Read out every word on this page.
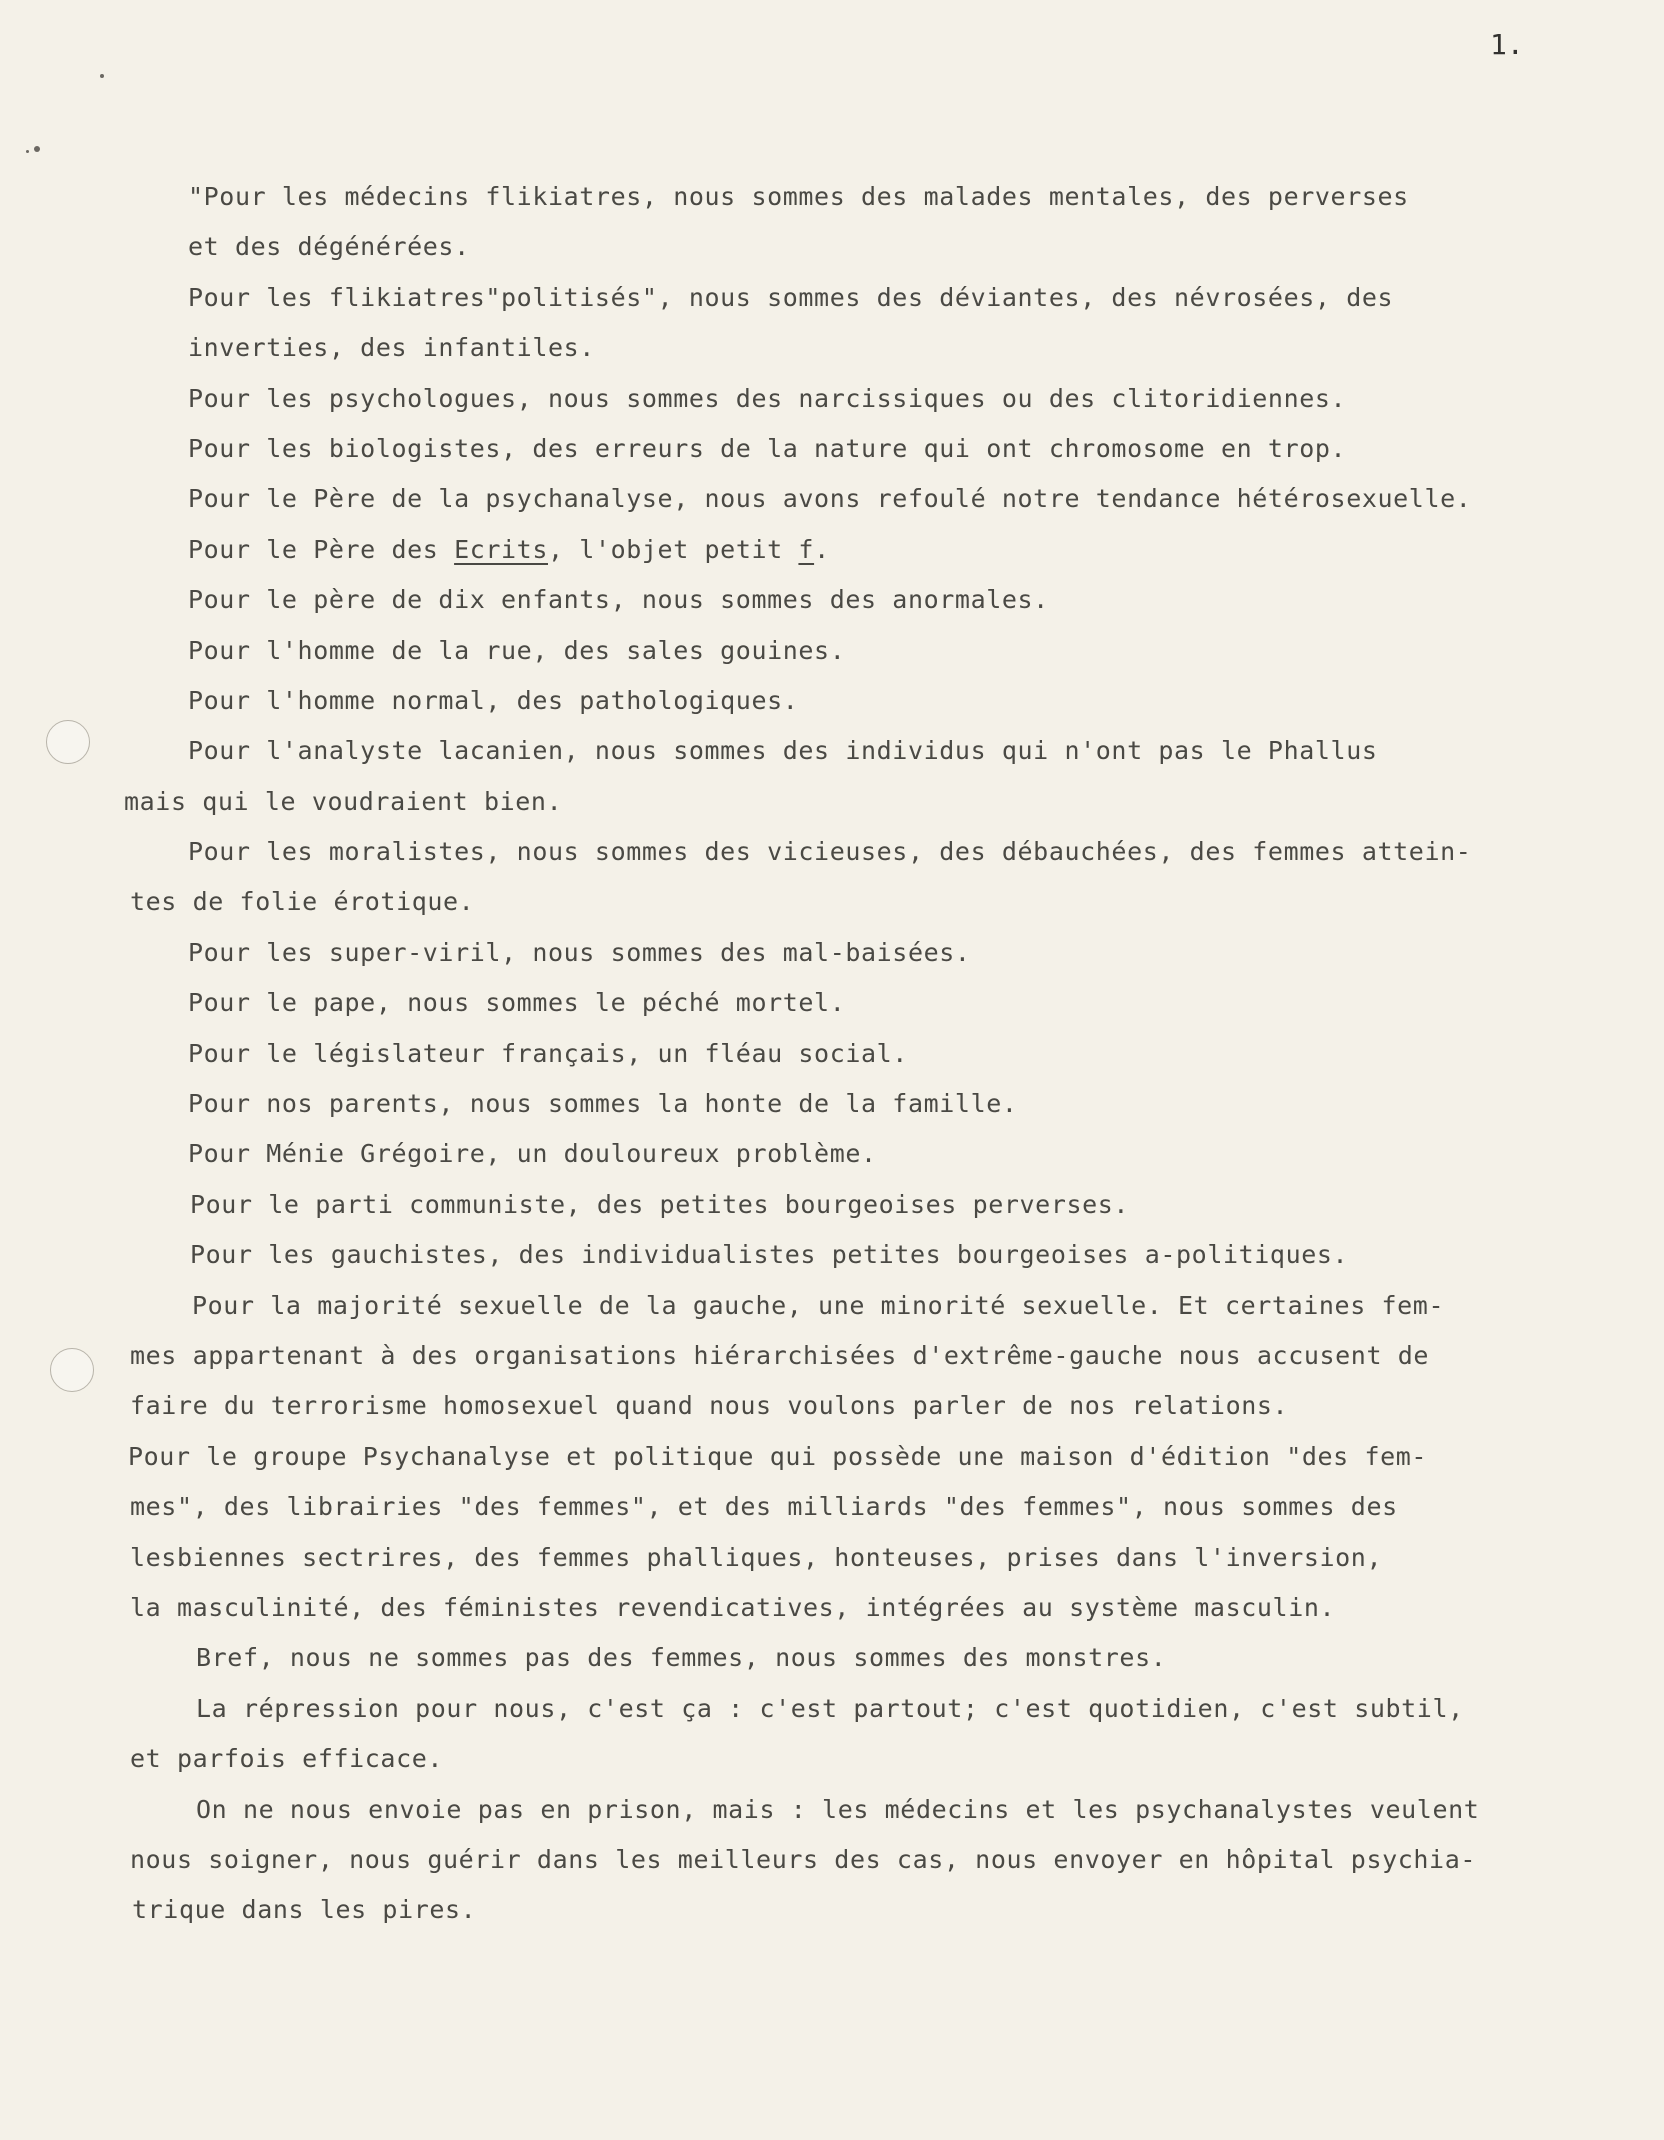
1.
"Pour les médecins flikiatres, nous sommes des malades mentales, des perverses
et des dégénérées.
Pour les flikiatres"politisés", nous sommes des déviantes, des névrosées, des
inverties, des infantiles.
Pour les psychologues, nous sommes des narcissiques ou des clitoridiennes.
Pour les biologistes, des erreurs de la nature qui ont chromosome en trop.
Pour le Père de la psychanalyse, nous avons refoulé notre tendance hétérosexuelle.
Pour le Père des Ecrits, l'objet petit f.
Pour le père de dix enfants, nous sommes des anormales.
Pour l'homme de la rue, des sales gouines.
Pour l'homme normal, des pathologiques.
Pour l'analyste lacanien, nous sommes des individus qui n'ont pas le Phallus
mais qui le voudraient bien.
Pour les moralistes, nous sommes des vicieuses, des débauchées, des femmes attein-
tes de folie érotique.
Pour les super-viril, nous sommes des mal-baisées.
Pour le pape, nous sommes le péché mortel.
Pour le législateur français, un fléau social.
Pour nos parents, nous sommes la honte de la famille.
Pour Ménie Grégoire, un douloureux problème.
Pour le parti communiste, des petites bourgeoises perverses.
Pour les gauchistes, des individualistes petites bourgeoises a-politiques.
Pour la majorité sexuelle de la gauche, une minorité sexuelle. Et certaines fem-
mes appartenant à des organisations hiérarchisées d'extrême-gauche nous accusent de
faire du terrorisme homosexuel quand nous voulons parler de nos relations.
Pour le groupe Psychanalyse et politique qui possède une maison d'édition "des fem-
mes", des librairies "des femmes", et des milliards "des femmes", nous sommes des
lesbiennes sectrires, des femmes phalliques, honteuses, prises dans l'inversion,
la masculinité, des féministes revendicatives, intégrées au système masculin.
Bref, nous ne sommes pas des femmes, nous sommes des monstres.
La répression pour nous, c'est ça : c'est partout; c'est quotidien, c'est subtil,
et parfois efficace.
On ne nous envoie pas en prison, mais : les médecins et les psychanalystes veulent
nous soigner, nous guérir dans les meilleurs des cas, nous envoyer en hôpital psychia-
trique dans les pires.
